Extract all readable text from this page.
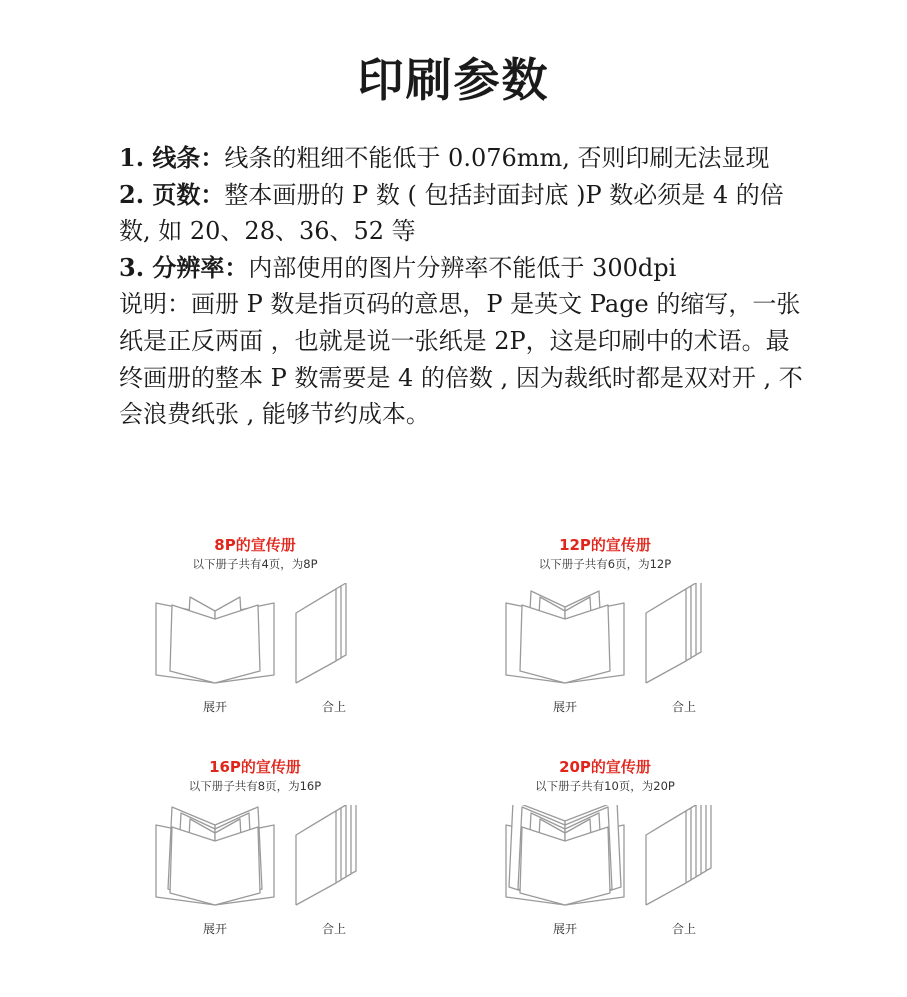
印刷参数

1. 线条：线条的粗细不能低于 0.076mm, 否则印刷无法显现

2. 页数：整本画册的 P 数 ( 包括封面封底 )P 数必须是 4 的倍数, 如 20、28、36、52 等

3. 分辨率：内部使用的图片分辨率不能低于 300dpi

说明：画册 P 数是指页码的意思，P 是英文 Page 的缩写，一张纸是正反两面 ，也就是说一张纸是 2P，这是印刷中的术语。最终画册的整本 P 数需要是 4 的倍数 , 因为裁纸时都是双对开 , 不会浪费纸张 , 能够节约成本。

8P的宣传册
以下册子共有4页，为8P
展开	合上
12P的宣传册
以下册子共有6页，为12P
展开	合上
16P的宣传册
以下册子共有8页，为16P
展开	合上
20P的宣传册
以下册子共有10页，为20P
展开	合上
